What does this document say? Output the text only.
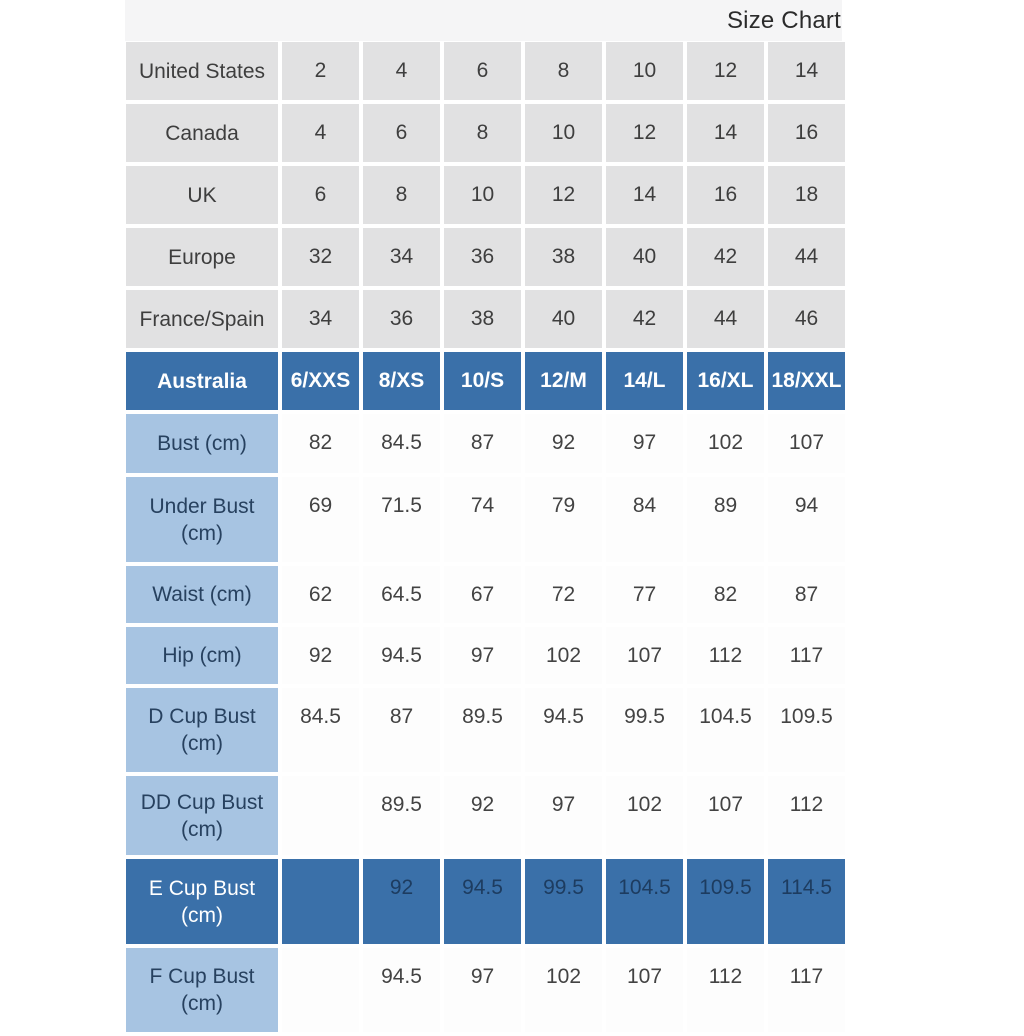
Size Chart
United States	2	4	6	8	10	12	14
Canada	4	6	8	10	12	14	16
UK	6	8	10	12	14	16	18
Europe	32	34	36	38	40	42	44
France/Spain	34	36	38	40	42	44	46
Australia	6/XXS	8/XS	10/S	12/M	14/L	16/XL	18/XXL
Bust (cm)	82	84.5	87	92	97	102	107
Under Bust (cm)	69	71.5	74	79	84	89	94
Waist (cm)	62	64.5	67	72	77	82	87
Hip (cm)	92	94.5	97	102	107	112	117
D Cup Bust (cm)	84.5	87	89.5	94.5	99.5	104.5	109.5
DD Cup Bust (cm)		89.5	92	97	102	107	112
E Cup Bust (cm)		92	94.5	99.5	104.5	109.5	114.5
F Cup Bust (cm)		94.5	97	102	107	112	117
